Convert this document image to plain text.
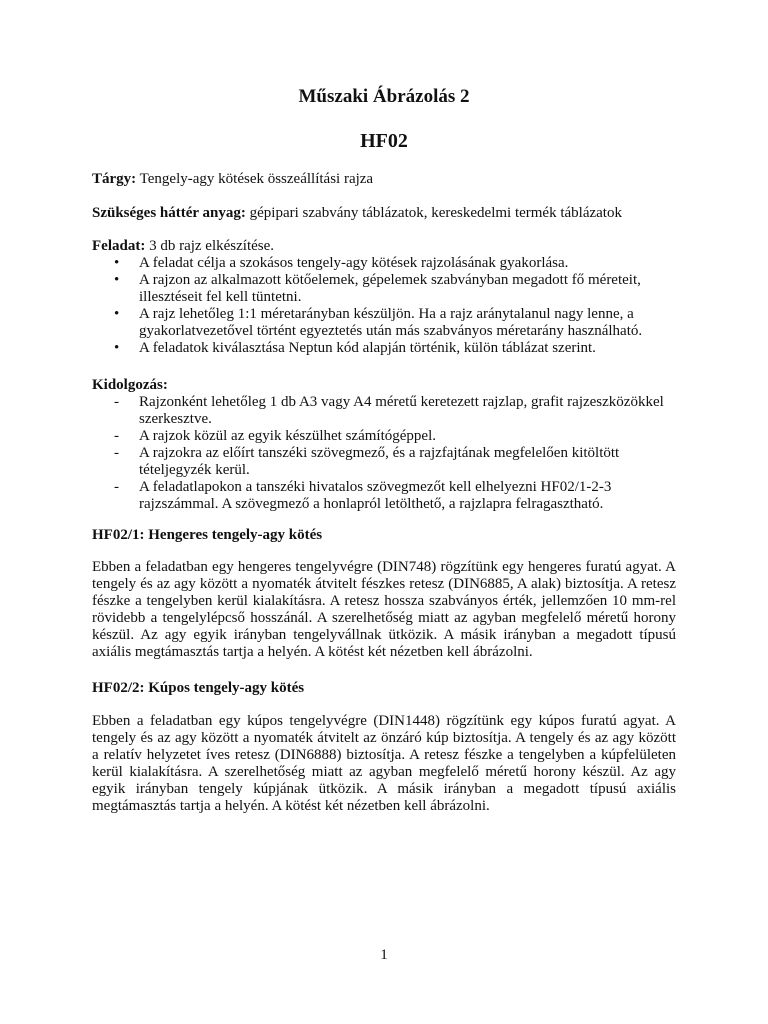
Műszaki Ábrázolás 2
HF02
Tárgy: Tengely-agy kötések összeállítási rajza
Szükséges háttér anyag: gépipari szabvány táblázatok, kereskedelmi termék táblázatok
Feladat: 3 db rajz elkészítése.
• A feladat célja a szokásos tengely-agy kötések rajzolásának gyakorlása.
• A rajzon az alkalmazott kötőelemek, gépelemek szabványban megadott fő méreteit, illesztéseit fel kell tüntetni.
• A rajz lehetőleg 1:1 méretarányban készüljön. Ha a rajz aránytalanul nagy lenne, a gyakorlatvezetővel történt egyeztetés után más szabványos méretarány használható.
• A feladatok kiválasztása Neptun kód alapján történik, külön táblázat szerint.
Kidolgozás:
- Rajzonként lehetőleg 1 db A3 vagy A4 méretű keretezett rajzlap, grafit rajzeszközökkel szerkesztve.
- A rajzok közül az egyik készülhet számítógéppel.
- A rajzokra az előírt tanszéki szövegmező, és a rajzfajtának megfelelően kitöltött tételjegyzék kerül.
- A feladatlapokon a tanszéki hivatalos szövegmezőt kell elhelyezni HF02/1-2-3 rajzszámmal. A szövegmező a honlapról letölthető, a rajzlapra felragasztható.
HF02/1: Hengeres tengely-agy kötés
Ebben a feladatban egy hengeres tengelyvégre (DIN748) rögzítünk egy hengeres furatú agyat. A tengely és az agy között a nyomaték átvitelt fészkes retesz (DIN6885, A alak) biztosítja. A retesz fészke a tengelyben kerül kialakításra. A retesz hossza szabványos érték, jellemzően 10 mm-rel rövidebb a tengelylépcső hosszánál. A szerelhetőség miatt az agyban megfelelő méretű horony készül. Az agy egyik irányban tengelyvállnak ütközik. A másik irányban a megadott típusú axiális megtámasztás tartja a helyén. A kötést két nézetben kell ábrázolni.
HF02/2: Kúpos tengely-agy kötés
Ebben a feladatban egy kúpos tengelyvégre (DIN1448) rögzítünk egy kúpos furatú agyat. A tengely és az agy között a nyomaték átvitelt az önzáró kúp biztosítja. A tengely és az agy között a relatív helyzetet íves retesz (DIN6888) biztosítja. A retesz fészke a tengelyben a kúpfelületen kerül kialakításra. A szerelhetőség miatt az agyban megfelelő méretű horony készül. Az agy egyik irányban tengely kúpjának ütközik. A másik irányban a megadott típusú axiális megtámasztás tartja a helyén. A kötést két nézetben kell ábrázolni.
1
